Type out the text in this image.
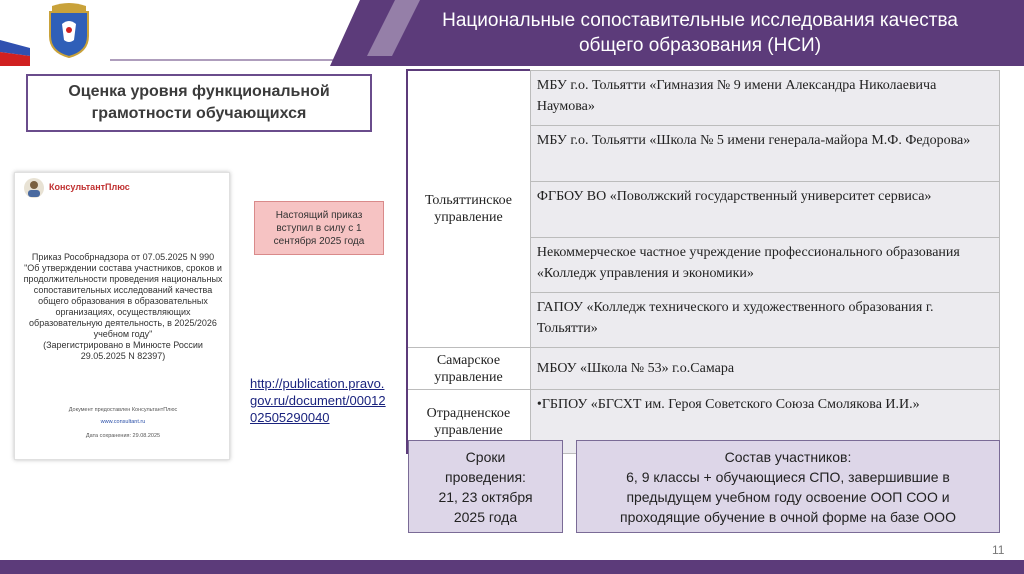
Национальные сопоставительные исследования качества
общего образования (НСИ)
Оценка уровня функциональной
грамотности обучающихся
КонсультантПлюс
Приказ Рособрнадзора от 07.05.2025 N 990
"Об утверждении состава участников, сроков и
продолжительности проведения национальных
сопоставительных исследований качества
общего образования в образовательных
организациях, осуществляющих
образовательную деятельность, в 2025/2026
учебном году"
(Зарегистрировано в Минюсте России
29.05.2025 N 82397)
Документ предоставлен КонсультантПлюс
www.consultant.ru
Дата сохранения: 29.08.2025
Настоящий приказ
вступил в силу с 1
сентября 2025 года
http://publication.pravo.gov.ru/document/0001202505290040
Тольяттинское управление	МБУ г.о. Тольятти «Гимназия № 9 имени Александра Николаевича Наумова»
	МБУ г.о. Тольятти «Школа № 5 имени генерала-майора М.Ф. Федорова»
	ФГБОУ ВО «Поволжский государственный университет сервиса»
	Некоммерческое частное учреждение профессионального образования «Колледж управления и экономики»
	ГАПОУ «Колледж технического и художественного образования г. Тольятти»
Самарское управление	МБОУ «Школа № 53» г.о.Самара
Отрадненское управление	•ГБПОУ «БГСХТ им. Героя Советского Союза Смолякова И.И.»
Сроки
проведения:
21, 23 октября
2025 года
Состав участников:
6, 9 классы + обучающиеся СПО, завершившие в
предыдущем учебном году освоение ООП СОО и
проходящие обучение в очной форме на базе ООО
11
